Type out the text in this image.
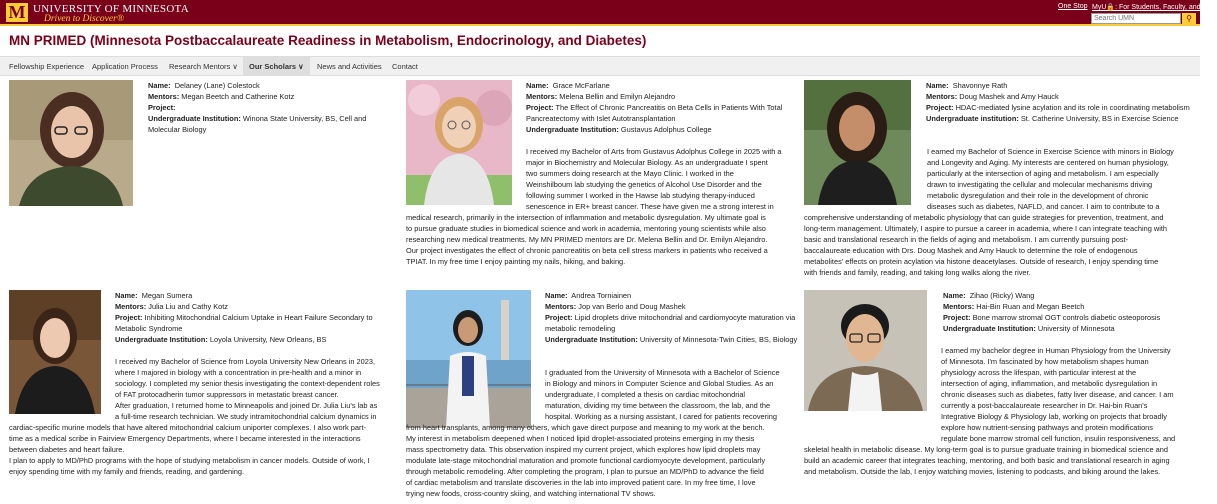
M UNIVERSITY OF MINNESOTA
Driven to Discover®
One Stop MyU🔒: For Students, Faculty, and Staff
Search UMN
⚲
MN PRIMED (Minnesota Postbaccalaureate Readiness in Metabolism, Endocrinology, and Diabetes)
Fellowship Experience Application Process Research Mentors ∨	Our Scholars ∨	News and Activities Contact
Name: Delaney (Lane) Colestock
Mentors: Megan Beetch and Catherine Kotz
Project:
Undergraduate Institution: Winona State University, BS, Cell and Molecular Biology
Name: Grace McFarlane
Mentors: Melena Bellin and Emilyn Alejandro
Project: The Effect of Chronic Pancreatitis on Beta Cells in Patients With Total Pancreatectomy with Islet Autotransplantation
Undergraduate Institution: Gustavus Adolphus College
I received my Bachelor of Arts from Gustavus Adolphus College in 2025 with a
major in Biochemistry and Molecular Biology. As an undergraduate I spent
two summers doing research at the Mayo Clinic. I worked in the
Weinshilboum lab studying the genetics of Alcohol Use Disorder and the
following summer I worked in the Hawse lab studying therapy-induced
senescence in ER+ breast cancer. These have given me a strong interest in
medical research, primarily in the intersection of inflammation and metabolic dysregulation. My ultimate goal is
to pursue graduate studies in biomedical science and work in academia, mentoring young scientists while also
researching new medical treatments. My MN PRIMED mentors are Dr. Melena Bellin and Dr. Emilyn Alejandro.
Our project investigates the effect of chronic pancreatitis on beta cell stress markers in patients who received a
TPIAT. In my free time I enjoy painting my nails, hiking, and baking.
Name: Shavonnye Rath
Mentors: Doug Mashek and Amy Hauck
Project: HDAC-mediated lysine acylation and its role in coordinating metabolism
Undergraduate institution: St. Catherine University, BS in Exercise Science
I earned my Bachelor of Science in Exercise Science with minors in Biology
and Longevity and Aging. My interests are centered on human physiology,
particularly at the intersection of aging and metabolism. I am especially
drawn to investigating the cellular and molecular mechanisms driving
metabolic dysregulation and their role in the development of chronic
diseases such as diabetes, NAFLD, and cancer. I aim to contribute to a
comprehensive understanding of metabolic physiology that can guide strategies for prevention, treatment, and
long-term management. Ultimately, I aspire to pursue a career in academia, where I can integrate teaching with
basic and translational research in the fields of aging and metabolism. I am currently pursuing post-
baccalaureate education with Drs. Doug Mashek and Amy Hauck to determine the role of endogenous
metabolites' effects on protein acylation via histone deacetylases. Outside of research, I enjoy spending time
with friends and family, reading, and taking long walks along the river.
Name: Megan Sumera
Mentors: Julia Liu and Cathy Kotz
Project: Inhibiting Mitochondrial Calcium Uptake in Heart Failure Secondary to Metabolic Syndrome
Undergraduate Institution: Loyola University, New Orleans, BS
I received my Bachelor of Science from Loyola University New Orleans in 2023,
where I majored in biology with a concentration in pre-health and a minor in
sociology. I completed my senior thesis investigating the context-dependent roles
of FAT protocadherin tumor suppressors in metastatic breast cancer.
After graduation, I returned home to Minneapolis and joined Dr. Julia Liu's lab as
a full-time research technician. We study intramitochondrial calcium dynamics in
cardiac-specific murine models that have altered mitochondrial calcium uniporter complexes. I also work part-
time as a medical scribe in Fairview Emergency Departments, where I became interested in the interactions
between diabetes and heart failure.
I plan to apply to MD/PhD programs with the hope of studying metabolism in cancer models. Outside of work, I
enjoy spending time with my family and friends, reading, and gardening.
Name: Andrea Torniainen
Mentors: Jop van Berlo and Doug Mashek
Project: Lipid droplets drive mitochondrial and cardiomyocyte maturation via metabolic remodeling
Undergraduate Institution: University of Minnesota-Twin Cities, BS, Biology
I graduated from the University of Minnesota with a Bachelor of Science
in Biology and minors in Computer Science and Global Studies. As an
undergraduate, I completed a thesis on cardiac mitochondrial
maturation, dividing my time between the classroom, the lab, and the
hospital. Working as a nursing assistant, I cared for patients recovering
from heart transplants, among many others, which gave direct purpose and meaning to my work at the bench.
My interest in metabolism deepened when I noticed lipid droplet-associated proteins emerging in my thesis
mass spectrometry data. This observation inspired my current project, which explores how lipid droplets may
modulate late-stage mitochondrial maturation and promote functional cardiomyocyte development, particularly
through metabolic remodeling. After completing the program, I plan to pursue an MD/PhD to advance the field
of cardiac metabolism and translate discoveries in the lab into improved patient care. In my free time, I love
trying new foods, cross-country skiing, and watching international TV shows.
Name: Zihao (Ricky) Wang
Mentors: Hai-Bin Ruan and Megan Beetch
Project: Bone marrow stromal OGT controls diabetic osteoporosis
Undergraduate Institution: University of Minnesota
I earned my bachelor degree in Human Physiology from the University
of Minnesota. I'm fascinated by how metabolism shapes human
physiology across the lifespan, with particular interest at the
intersection of aging, inflammation, and metabolic dysregulation in
chronic diseases such as diabetes, fatty liver disease, and cancer. I am
currently a post-baccalaureate researcher in Dr. Hai-bin Ruan's
Integrative Biology & Physiology lab, working on projects that broadly
explore how nutrient-sensing pathways and protein modifications
regulate bone marrow stromal cell function, insulin responsiveness, and
skeletal health in metabolic disease. My long-term goal is to pursue graduate training in biomedical science and
build an academic career that integrates teaching, mentoring, and both basic and translational research in aging
and metabolism. Outside the lab, I enjoy watching movies, listening to podcasts, and biking around the lakes.
